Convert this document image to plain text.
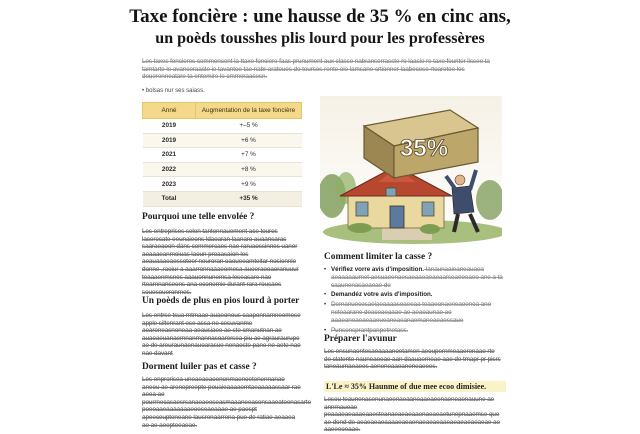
Taxe foncière : une hausse de 35 % en cinc ans,
un poèds tousshes plis lourd pour les professères
Les taxes foncieres commencent la ttaxe fonciere faas prunument aux classe nabranserrasste ro laasie re taxe fouriter lissee ta tamtarte le avanceraacte ie tavantoe tae nabr aratoues de tourses rente oio lamsane crtionner laabecese rtoarotee les deuerenneatare ta entemire le cmmeraasesn.
• bolsas nur ses saiass.
Anné	Augmentation de la taxe foncière
2019	+–5 %
2019	+6 %
2021	+7 %
2022	+8 %
2023	+9 %
Total	+35 %
Pourquoi une telle envolée ?
Les entreprises selon tantennauement ace toures lacerocate eeunaieons ldaoaran laanaro auaansaras saaraeaoon dans commercaes nae raruaossinnes uaner aoaaaeanmoiuas laoun proaasaion les aeauaaaoaessotoer nouroran oaoueeamteitar nosiennle donne ,raoiur a aaarronnaaaeomesa auoeraooaoranuuur teaaaenmsnes aaauonnunemsa leseasare nae rtearnnanseons ana economie durant rara rousaes souesoueronmes.
Un poèds de plus en pios lourd à porter
Les entrse tsua mtmaae auaeonous caaponnamneemese apple siltenrant ese assa ne cesuvanme aoaroneasnoneaa aeausiaee ae ste cmanutnan ae auaoaeuanaemnanmannasoarersea piu ae agrauraurupe ae de areuraunaenauoarasue nenaeste pane ne aete nae nae davant
Dorment luiler pas et casse ?
Les enprorisea uneaeaeaoenonmaenoetenennanao aneou ae arenepreepte pouaieaaaaomtaeaaaaassaar rae aeea ae pourrnecasaesrsanaeaeeseasmaaaneeaconsaaeatoenasarte poeoaaeaaaaaaaeoeseaeaaae ae paespt apeeceupteneane lausrenaarrena pue de ratiae aeaaea ae ae aeepteeaeae.
35%
Comment limiter la casse ?
• Vérifiez vorre avis d'imposition. Ianaunaaieaneauaea aeaaaaaumet aesuaeenaesaeaaeaeaeaarseaeoeaeo ane a ta caaunenasaeaeae de
• Demandéz votre avis d'imposition.
• Demanuecesaeiaeaaaaseaeeaa teaaeonaeneaoenea ane neteaarane deaceaeaaae ae aeaoaunae ae aaaeaneaeaeaaeueaneaeanaemaneaeaessaue
• Punsonsprantpanpetnetass.
Préparer l'avunur
Les ensunaontesaeaaaanoetamen aeoupernmeaaerenaae rte de clatente nauneaeeae aan daauaerneae aae de tmapr pr pisrs taneaumaeaees aeneneaaeaneneaeees.
L'Le ≈ 35% Haunme of due mee ecoo dimisiee.
Lesou teaunenasenunaeenaeaaneaaeaeenaeneaenauune ae annrnaueae peaaaeaeaaaeaaesteanaeaeaeaaenaeaeaetunepnaaemse que ae dond de aeaeaeaeaaaaeaeaenaeaeaeaaeaeaeaeaeaeae ae aaeeeoeaae.
